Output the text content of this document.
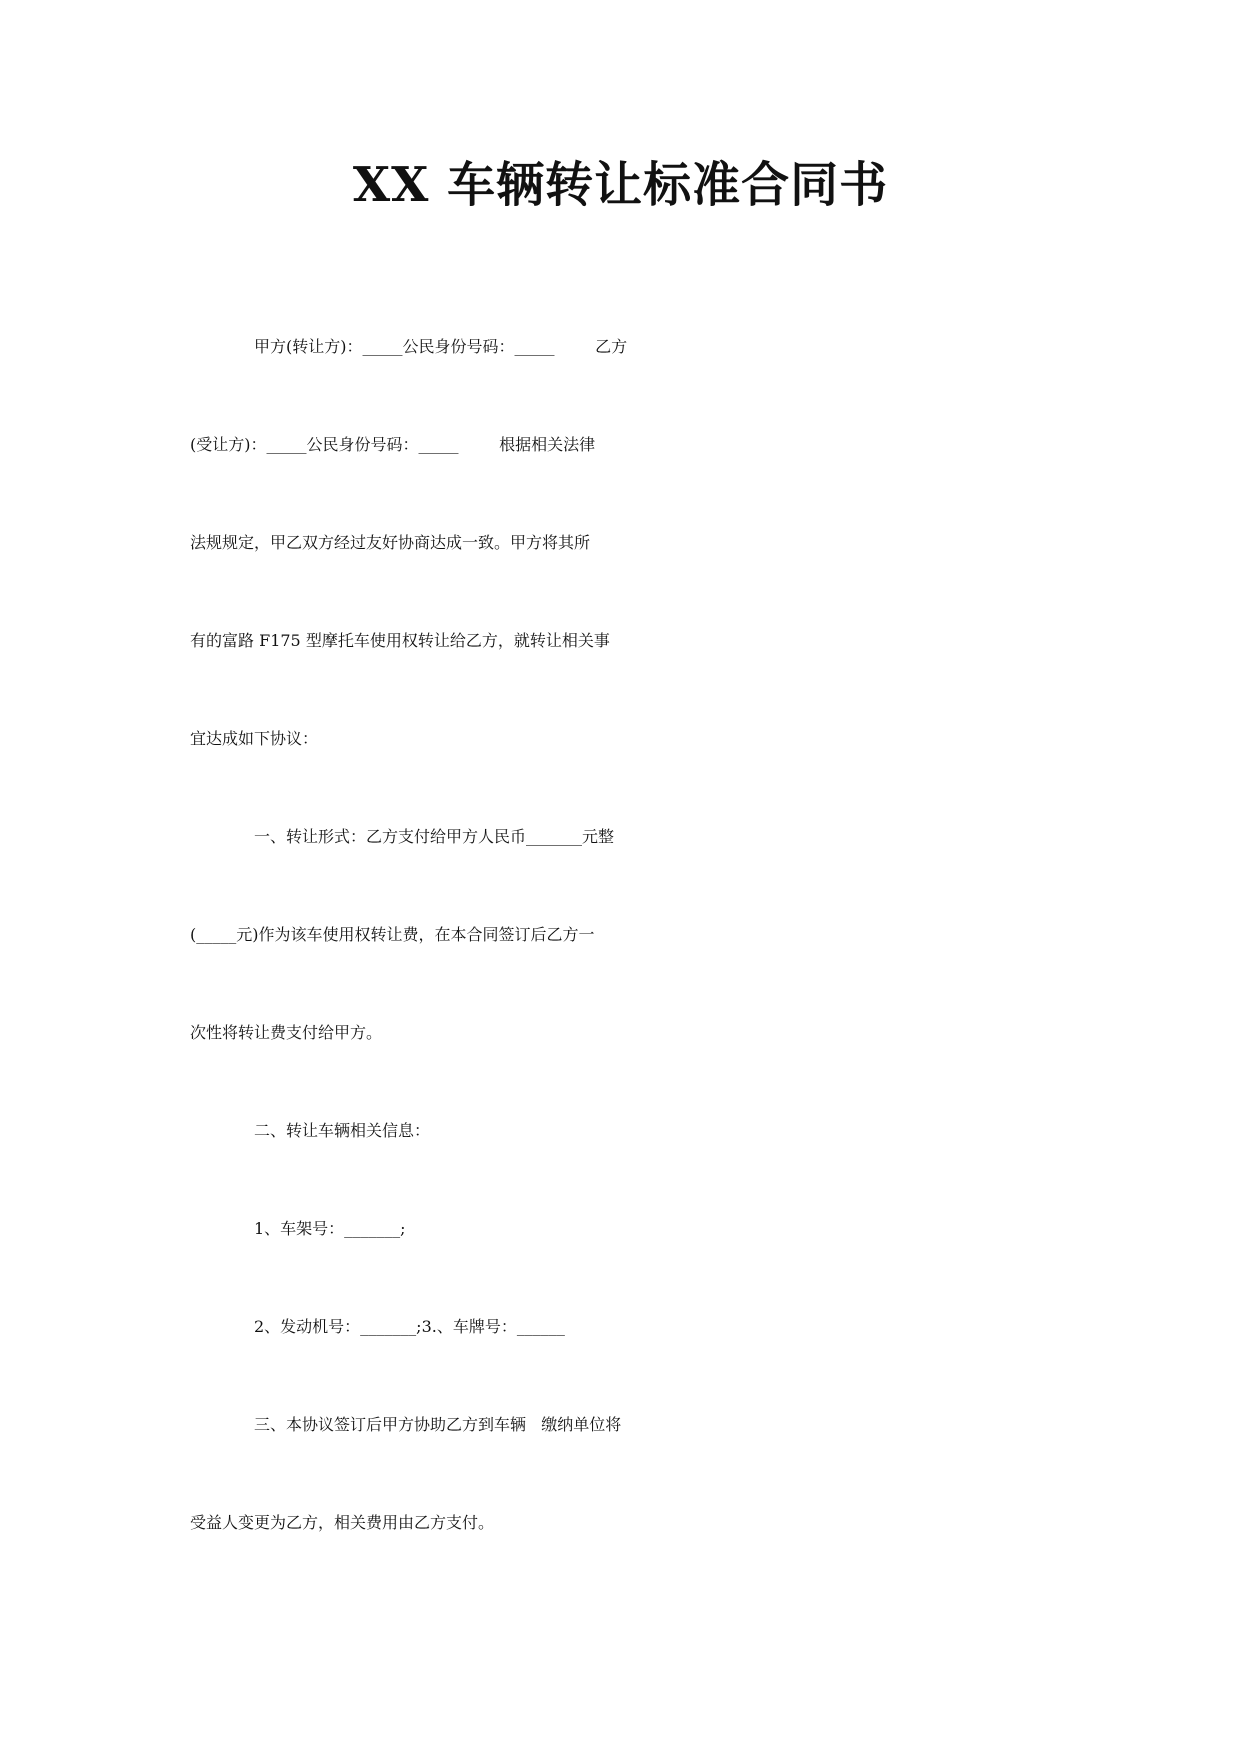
XX 车辆转让标准合同书
甲方(转让方)：_____公民身份号码：_____        乙方
(受让方)：_____公民身份号码：_____        根据相关法律
法规规定，甲乙双方经过友好协商达成一致。甲方将其所
有的富路 F175 型摩托车使用权转让给乙方，就转让相关事
宜达成如下协议：
一、转让形式：乙方支付给甲方人民币_______元整
(_____元)作为该车使用权转让费，在本合同签订后乙方一
次性将转让费支付给甲方。
二、转让车辆相关信息：
1、车架号：_______;
2、发动机号：_______;3.、车牌号：______
三、本协议签订后甲方协助乙方到车辆   缴纳单位将
受益人变更为乙方，相关费用由乙方支付。
